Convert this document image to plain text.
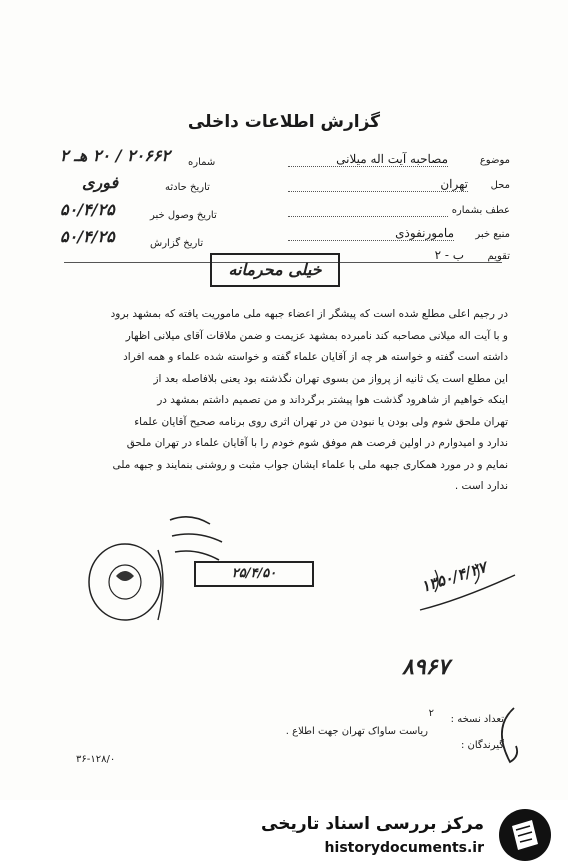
گزارش اطلاعات داخلی
موضوع
مصاحبه آیت اله میلانی
محل
تهران
عطف بشماره
منبع خبر
مامورنفوذی
تقویم
ب - ۲
شماره
۲۰۶۶۲ / ۲۰ هـ ۲
تاریخ حادثه
فوری
تاریخ وصول خبر
۵۰/۴/۲۵
تاریخ گزارش
۵۰/۴/۲۵
خیلی محرمانه
در رجیم اعلی مطلع شده است که پیشگر از اعضاء جبهه ملی ماموریت یافته که بمشهد برود
و با آیت اله میلانی مصاحبه کند نامبرده بمشهد عزیمت و ضمن ملاقات آقای میلانی اظهار
داشته است گفته و خواسته هر چه از آقایان علماء گفته و خواسته شده علماء و همه افراد
این مطلع است یک ثانیه از پرواز من بسوی تهران نگذشته بود یعنی بلافاصله بعد از
اینکه خواهیم از شاهرود گذشت هوا پیشتر برگرداند و من تصمیم داشتم بمشهد در
تهران ملحق شوم ولی بودن یا نبودن من در تهران اثری روی برنامه صحیح آقایان علماء
ندارد و امیدوارم در اولین فرصت هم موفق شوم خودم را با آقایان علماء در تهران ملحق
نمایم و در مورد همکاری جبهه ملی با علماء ایشان جواب مثبت و روشنی بنمایند و جبهه ملی
ندارد است .
۲۵/۴/۵۰	۱۳۵۰/۴/۲۷
۸۹۶۷
تعداد نسخه :
۲
ریاست ساواک تهران جهت اطلاع .
گیرندگان :
۳۶-۱۲۸/۰
مرکز بررسی اسناد تاریخی
historydocuments.ir
